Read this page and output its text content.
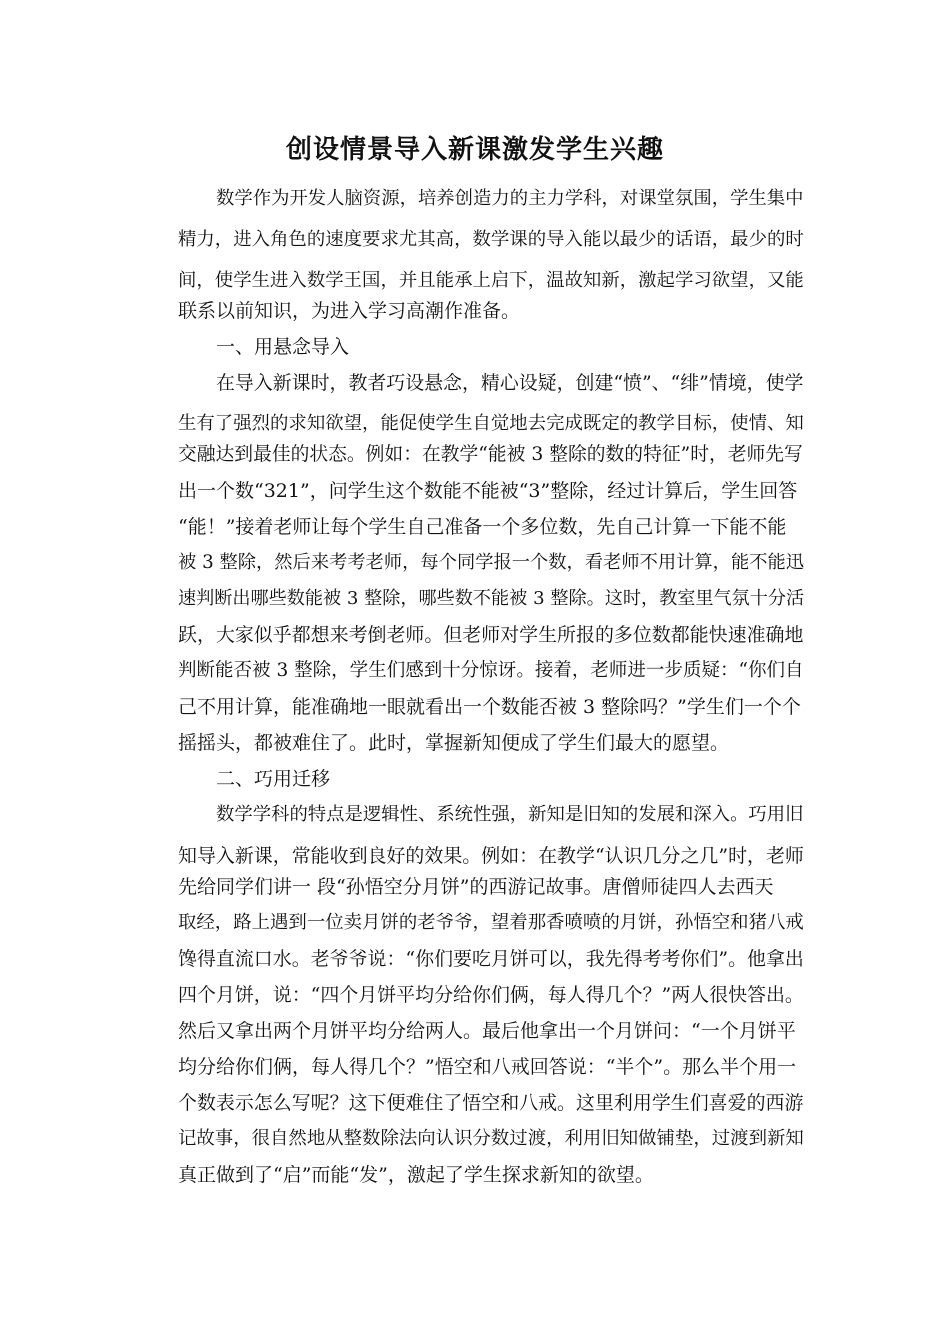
创设情景导入新课激发学生兴趣
数学作为开发人脑资源，培养创造力的主力学科，对课堂氛围，学生集中
精力，进入角色的速度要求尤其高，数学课的导入能以最少的话语，最少的时
间，使学生进入数学王国，并且能承上启下，温故知新，激起学习欲望，又能
联系以前知识，为进入学习高潮作准备。
一、用悬念导入
在导入新课时，教者巧设悬念，精心设疑，创建“愤”、“绯”情境，使学
生有了强烈的求知欲望，能促使学生自觉地去完成既定的教学目标，使情、知
交融达到最佳的状态。例如：在教学“能被 3 整除的数的特征”时，老师先写
出一个数“321”，问学生这个数能不能被“3”整除，经过计算后，学生回答
“能！”接着老师让每个学生自己准备一个多位数，先自己计算一下能不能
被 3 整除，然后来考考老师，每个同学报一个数，看老师不用计算，能不能迅
速判断出哪些数能被 3 整除，哪些数不能被 3 整除。这时，教室里气氛十分活
跃，大家似乎都想来考倒老师。但老师对学生所报的多位数都能快速准确地
判断能否被 3 整除，学生们感到十分惊讶。接着，老师进一步质疑：“你们自
己不用计算，能准确地一眼就看出一个数能否被 3 整除吗？”学生们一个个
摇摇头，都被难住了。此时，掌握新知便成了学生们最大的愿望。
二、巧用迁移
数学学科的特点是逻辑性、系统性强，新知是旧知的发展和深入。巧用旧
知导入新课，常能收到良好的效果。例如：在教学“认识几分之几”时，老师
先给同学们讲一 段“孙悟空分月饼”的西游记故事。唐僧师徒四人去西天
取经，路上遇到一位卖月饼的老爷爷，望着那香喷喷的月饼，孙悟空和猪八戒
馋得直流口水。老爷爷说：“你们要吃月饼可以，我先得考考你们”。他拿出
四个月饼，说：“四个月饼平均分给你们俩，每人得几个？”两人很快答出。
然后又拿出两个月饼平均分给两人。最后他拿出一个月饼问：“一个月饼平
均分给你们俩，每人得几个？”悟空和八戒回答说：“半个”。那么半个用一
个数表示怎么写呢？这下便难住了悟空和八戒。这里利用学生们喜爱的西游
记故事，很自然地从整数除法向认识分数过渡，利用旧知做铺垫，过渡到新知
真正做到了“启”而能“发”，激起了学生探求新知的欲望。
